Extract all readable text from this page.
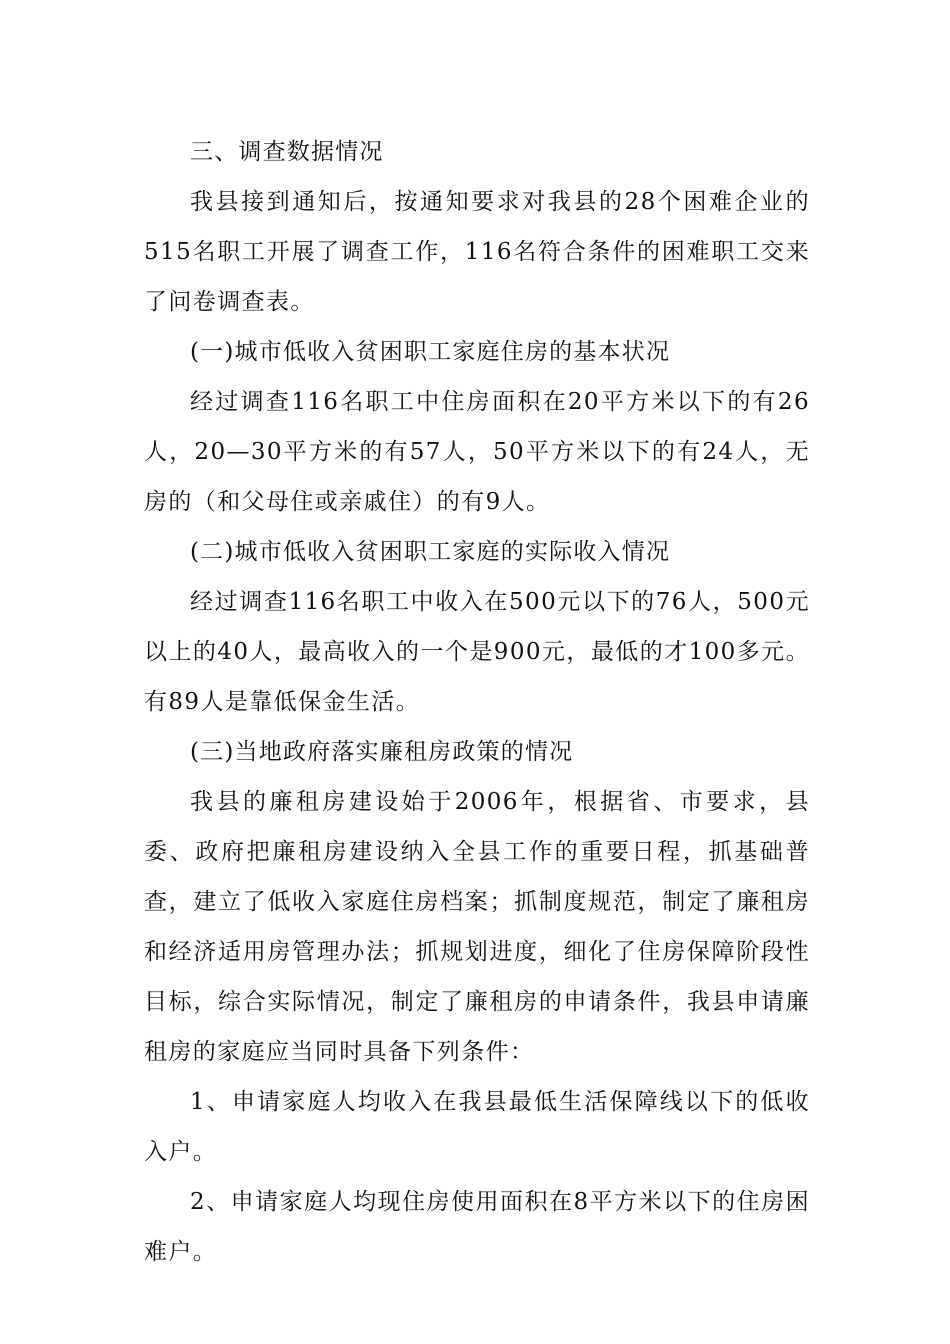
三、调查数据情况

我县接到通知后，按通知要求对我县的28个困难企业的515名职工开展了调查工作，116名符合条件的困难职工交来了问卷调查表。

(一)城市低收入贫困职工家庭住房的基本状况

经过调查116名职工中住房面积在20平方米以下的有26人，20—30平方米的有57人，50平方米以下的有24人，无房的（和父母住或亲戚住）的有9人。

(二)城市低收入贫困职工家庭的实际收入情况

经过调查116名职工中收入在500元以下的76人，500元以上的40人，最高收入的一个是900元，最低的才100多元。有89人是靠低保金生活。

(三)当地政府落实廉租房政策的情况

我县的廉租房建设始于2006年，根据省、市要求，县委、政府把廉租房建设纳入全县工作的重要日程，抓基础普查，建立了低收入家庭住房档案；抓制度规范，制定了廉租房和经济适用房管理办法；抓规划进度，细化了住房保障阶段性目标，综合实际情况，制定了廉租房的申请条件，我县申请廉租房的家庭应当同时具备下列条件：

1、申请家庭人均收入在我县最低生活保障线以下的低收入户。

2、申请家庭人均现住房使用面积在8平方米以下的住房困难户。
